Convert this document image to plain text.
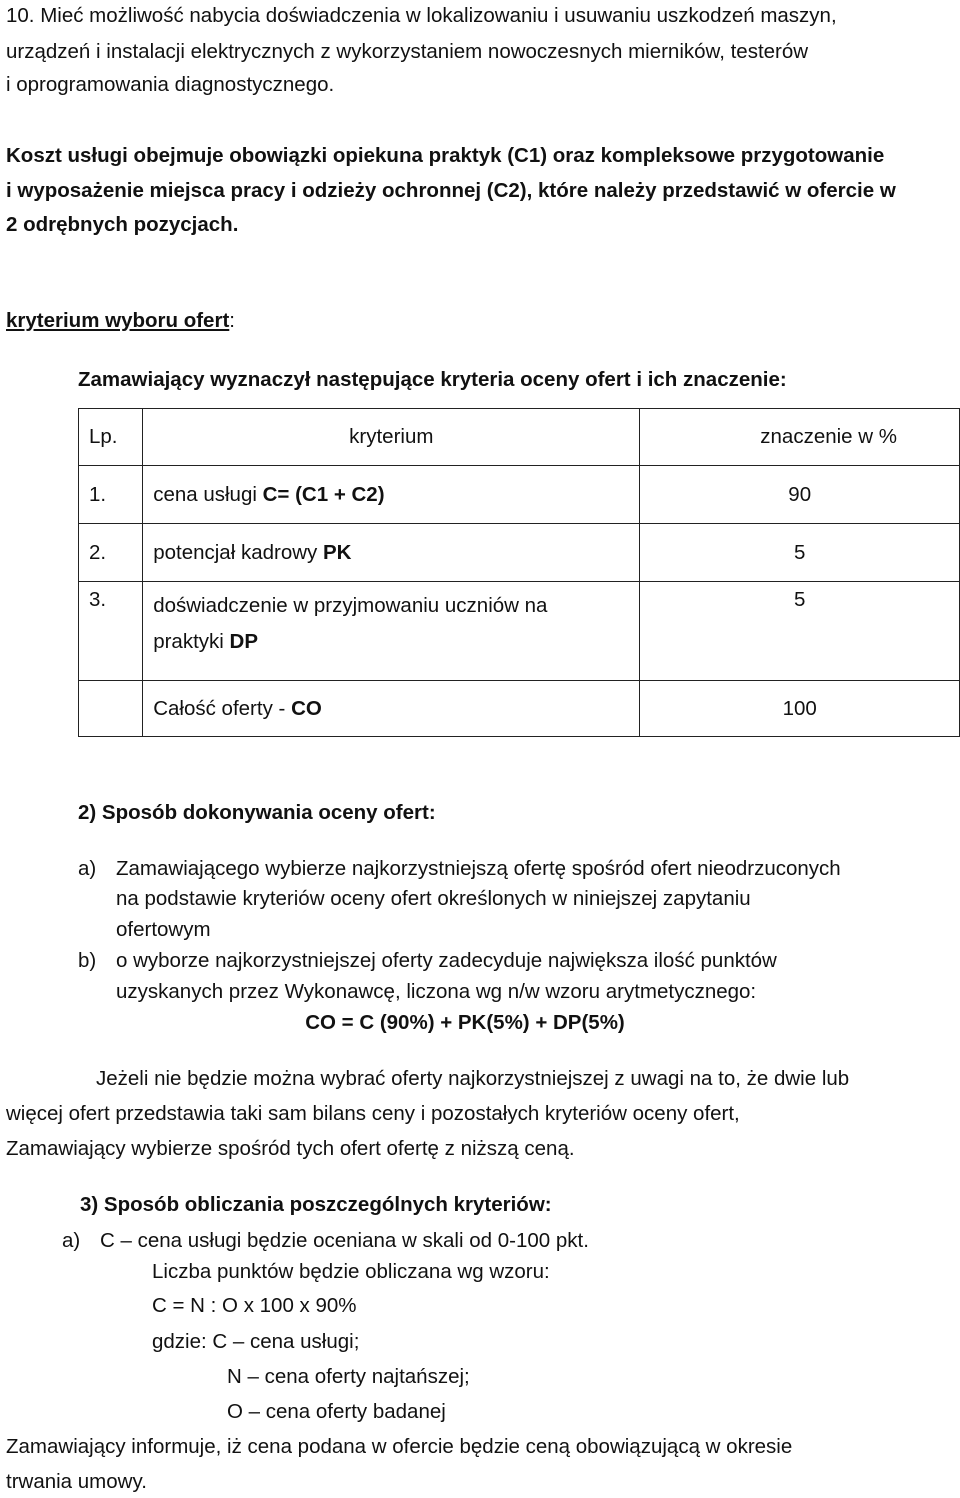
10. Mieć możliwość nabycia doświadczenia w lokalizowaniu i usuwaniu uszkodzeń maszyn,
urządzeń i instalacji elektrycznych z wykorzystaniem nowoczesnych mierników, testerów
i oprogramowania diagnostycznego.
Koszt usługi obejmuje obowiązki opiekuna praktyk (C1) oraz kompleksowe przygotowanie
i wyposażenie miejsca pracy i odzieży ochronnej (C2), które należy przedstawić w ofercie w
2 odrębnych pozycjach.
kryterium wyboru ofert:
Zamawiający wyznaczył następujące kryteria oceny ofert i ich znaczenie:
Lp.	kryterium	znaczenie w %
1.	cena usługi C= (C1 + C2)	90
2.	potencjał kadrowy PK	5
3.	doświadczenie w przyjmowaniu uczniów na
praktyki DP	5
	Całość oferty - CO	100
2) Sposób dokonywania oceny ofert:
a) Zamawiającego wybierze najkorzystniejszą ofertę spośród ofert nieodrzuconych
na podstawie kryteriów oceny ofert określonych w niniejszej zapytaniu
ofertowym
b) o wyborze najkorzystniejszej oferty zadecyduje największa ilość punktów
uzyskanych przez Wykonawcę, liczona wg n/w wzoru arytmetycznego:
CO = C (90%) + PK(5%) + DP(5%)
Jeżeli nie będzie można wybrać oferty najkorzystniejszej z uwagi na to, że dwie lub
więcej ofert przedstawia taki sam bilans ceny i pozostałych kryteriów oceny ofert,
Zamawiający wybierze spośród tych ofert ofertę z niższą ceną.
3) Sposób obliczania poszczególnych kryteriów:
a) C – cena usługi będzie oceniana w skali od 0-100 pkt.
Liczba punktów będzie obliczana wg wzoru:
C = N : O x 100 x 90%
gdzie: C – cena usługi;
N – cena oferty najtańszej;
O – cena oferty badanej
Zamawiający informuje, iż cena podana w ofercie będzie ceną obowiązującą w okresie
trwania umowy.
